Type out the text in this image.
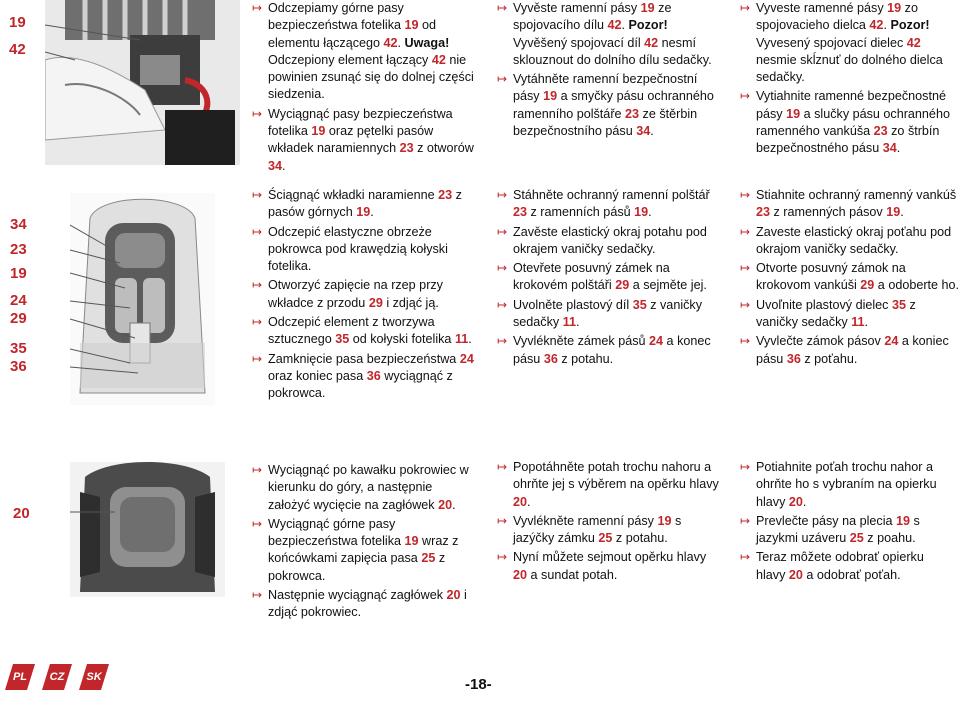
19
42

↦ Odczepiamy górne pasy bezpieczeństwa fotelika 19 od elementu łączącego 42. Uwaga! Odczepiony element łączący 42 nie powinien zsunąć się do dolnej części siedzenia.

↦ Wyciągnąć pasy bezpieczeństwa fotelika 19 oraz pętelki pasów wkładek naramiennych 23 z otworów 34.

↦ Vyvěste ramenní pásy 19 ze spojovacího dílu 42. Pozor! Vyvěšený spojovací díl 42 nesmí sklouznout do dolního dílu sedačky.

↦ Vytáhněte ramenní bezpečnostní pásy 19 a smyčky pásu ochranného ramenního polštáře 23 ze štěrbin bezpečnostního pásu 34.

↦ Vyveste ramenné pásy 19 zo spojovacieho dielca 42. Pozor! Vyvesený spojovací dielec 42 nesmie skĺznuť do dolného dielca sedačky.

↦ Vytiahnite ramenné bezpečnostné pásy 19 a slučky pásu ochranného ramenného vankúša 23 zo štrbín bezpečnostného pásu 34.

34
23
19
24
29
35
36

↦ Ściągnąć wkładki naramienne 23 z pasów górnych 19.

↦ Odczepić elastyczne obrzeże pokrowca pod krawędzią kołyski fotelika.

↦ Otworzyć zapięcie na rzep przy wkładce z przodu 29 i zdjąć ją.

↦ Odczepić element z tworzywa sztucznego 35 od kołyski fotelika 11.

↦ Zamknięcie pasa bezpieczeństwa 24 oraz koniec pasa 36 wyciągnąć z pokrowca.

↦ Stáhněte ochranný ramenní polštář 23 z ramenních pásů 19.

↦ Zavěste elastický okraj potahu pod okrajem vaničky sedačky.

↦ Otevřete posuvný zámek na krokovém polštáři 29 a sejměte jej.

↦ Uvolněte plastový díl 35 z vaničky sedačky 11.

↦ Vyvlékněte zámek pásů 24 a konec pásu 36 z potahu.

↦ Stiahnite ochranný ramenný vankúš 23 z ramenných pásov 19.

↦ Zaveste elastický okraj poťahu pod okrajom vaničky sedačky.

↦ Otvorte posuvný zámok na krokovom vankúši 29 a odoberte ho.

↦ Uvoľnite plastový dielec 35 z vaničky sedačky 11.

↦ Vyvlečte zámok pásov 24 a koniec pásu 36 z poťahu.

20

↦ Wyciągnąć po kawałku pokrowiec w kierunku do góry, a następnie założyć wycięcie na zagłówek 20.

↦ Wyciągnąć górne pasy bezpieczeństwa fotelika 19 wraz z końcówkami zapięcia pasa 25 z pokrowca.

↦ Następnie wyciągnąć zagłówek 20 i zdjąć pokrowiec.

↦ Popotáhněte potah trochu nahoru a ohrňte jej s výběrem na opěrku hlavy 20.

↦ Vyvlékněte ramenní pásy 19 s jazýčky zámku 25 z potahu.

↦ Nyní můžete sejmout opěrku hlavy 20 a sundat potah.

↦ Potiahnite poťah trochu nahor a ohrňte ho s vybraním na opierku hlavy 20.

↦ Prevlečte pásy na plecia 19 s jazykmi uzáveru 25 z poahu.

↦ Teraz môžete odobrať opierku hlavy 20 a odobrať poťah.

PL	CZ	SK	-18-
